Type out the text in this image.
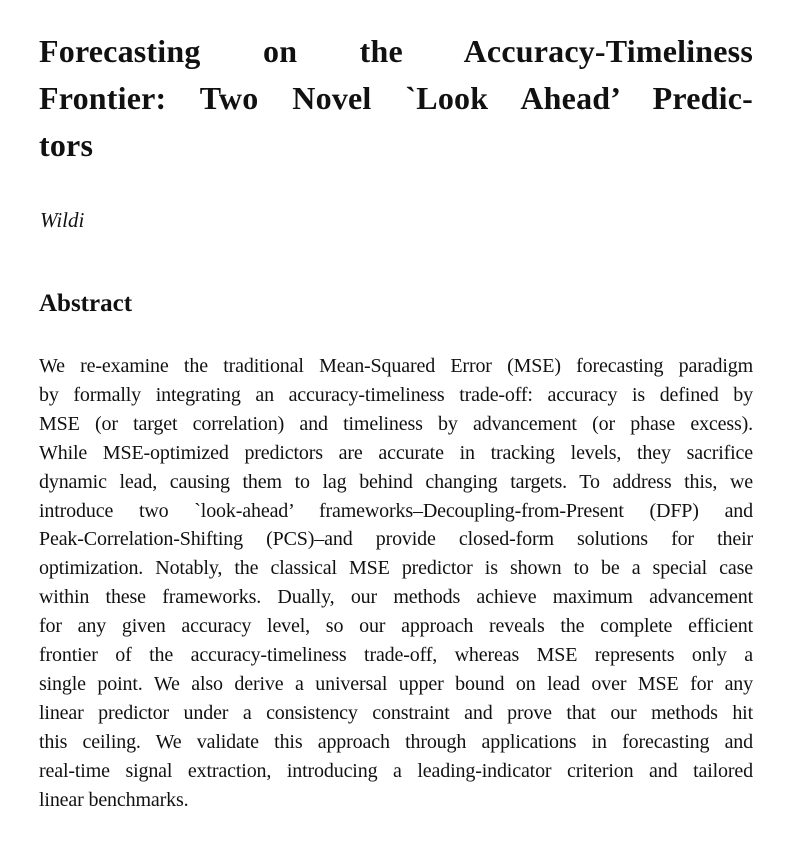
Forecasting on the Accuracy-Timeliness
Frontier: Two Novel `Look Ahead’ Predic-
tors

Wildi

Abstract
We re-examine the traditional Mean-Squared Error (MSE) forecasting paradigm
by formally integrating an accuracy-timeliness trade-off: accuracy is defined by
MSE (or target correlation) and timeliness by advancement (or phase excess).
While MSE-optimized predictors are accurate in tracking levels, they sacrifice
dynamic lead, causing them to lag behind changing targets. To address this, we
introduce two `look-ahead’ frameworks–Decoupling-from-Present (DFP) and
Peak-Correlation-Shifting (PCS)–and provide closed-form solutions for their
optimization. Notably, the classical MSE predictor is shown to be a special case
within these frameworks. Dually, our methods achieve maximum advancement
for any given accuracy level, so our approach reveals the complete efficient
frontier of the accuracy-timeliness trade-off, whereas MSE represents only a
single point. We also derive a universal upper bound on lead over MSE for any
linear predictor under a consistency constraint and prove that our methods hit
this ceiling. We validate this approach through applications in forecasting and
real-time signal extraction, introducing a leading-indicator criterion and tailored
linear benchmarks.
